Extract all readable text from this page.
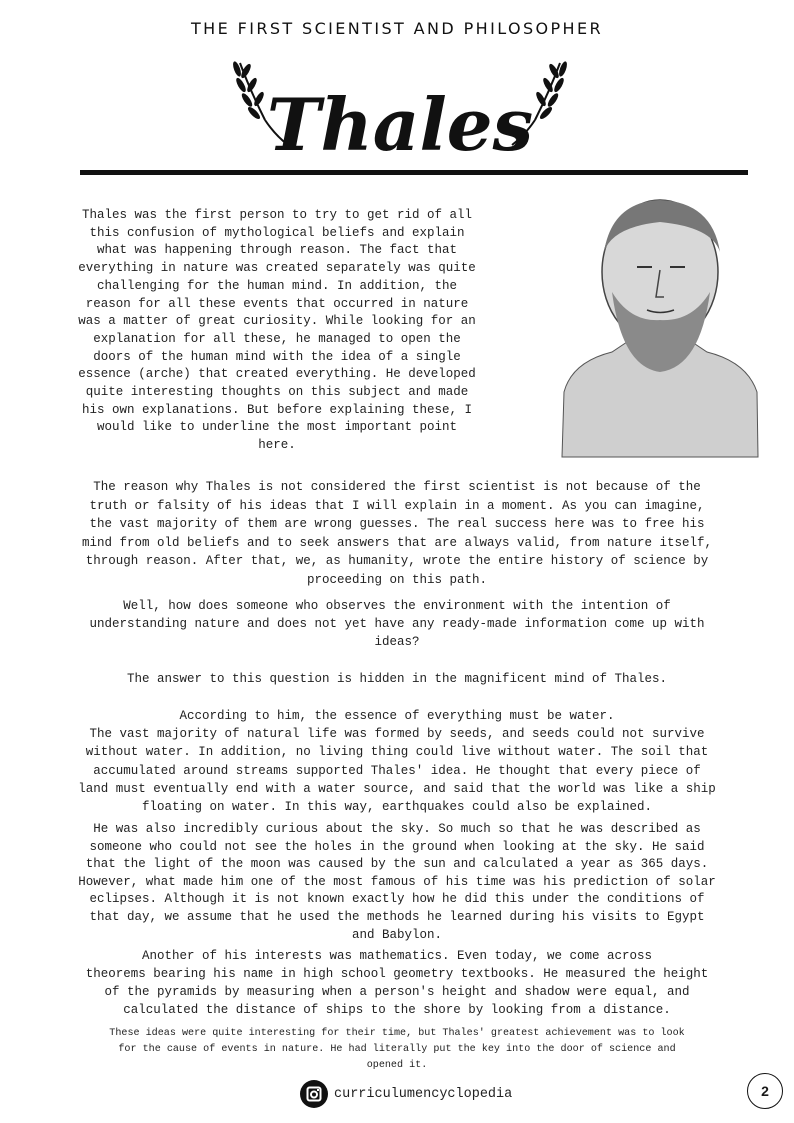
THE FIRST SCIENTIST AND PHILOSOPHER
Thales
Thales was the first person to try to get rid of all
this confusion of mythological beliefs and explain
what was happening through reason. The fact that
everything in nature was created separately was quite
challenging for the human mind. In addition, the
reason for all these events that occurred in nature
was a matter of great curiosity. While looking for an
explanation for all these, he managed to open the
doors of the human mind with the idea of a single
essence (arche) that created everything. He developed
quite interesting thoughts on this subject and made
his own explanations. But before explaining these, I
would like to underline the most important point
here.
The reason why Thales is not considered the first scientist is not because of the
truth or falsity of his ideas that I will explain in a moment. As you can imagine,
the vast majority of them are wrong guesses. The real success here was to free his
mind from old beliefs and to seek answers that are always valid, from nature itself,
through reason. After that, we, as humanity, wrote the entire history of science by
proceeding on this path.
Well, how does someone who observes the environment with the intention of
understanding nature and does not yet have any ready-made information come up with
ideas?
The answer to this question is hidden in the magnificent mind of Thales.
According to him, the essence of everything must be water.
The vast majority of natural life was formed by seeds, and seeds could not survive
without water. In addition, no living thing could live without water. The soil that
accumulated around streams supported Thales' idea. He thought that every piece of
land must eventually end with a water source, and said that the world was like a ship
floating on water. In this way, earthquakes could also be explained.
He was also incredibly curious about the sky. So much so that he was described as
someone who could not see the holes in the ground when looking at the sky. He said
that the light of the moon was caused by the sun and calculated a year as 365 days.
However, what made him one of the most famous of his time was his prediction of solar
eclipses. Although it is not known exactly how he did this under the conditions of
that day, we assume that he used the methods he learned during his visits to Egypt
and Babylon.
Another of his interests was mathematics. Even today, we come across
theorems bearing his name in high school geometry textbooks. He measured the height
of the pyramids by measuring when a person's height and shadow were equal, and
calculated the distance of ships to the shore by looking from a distance.
These ideas were quite interesting for their time, but Thales' greatest achievement was to look
for the cause of events in nature. He had literally put the key into the door of science and
opened it.
curriculumencyclopedia	2
